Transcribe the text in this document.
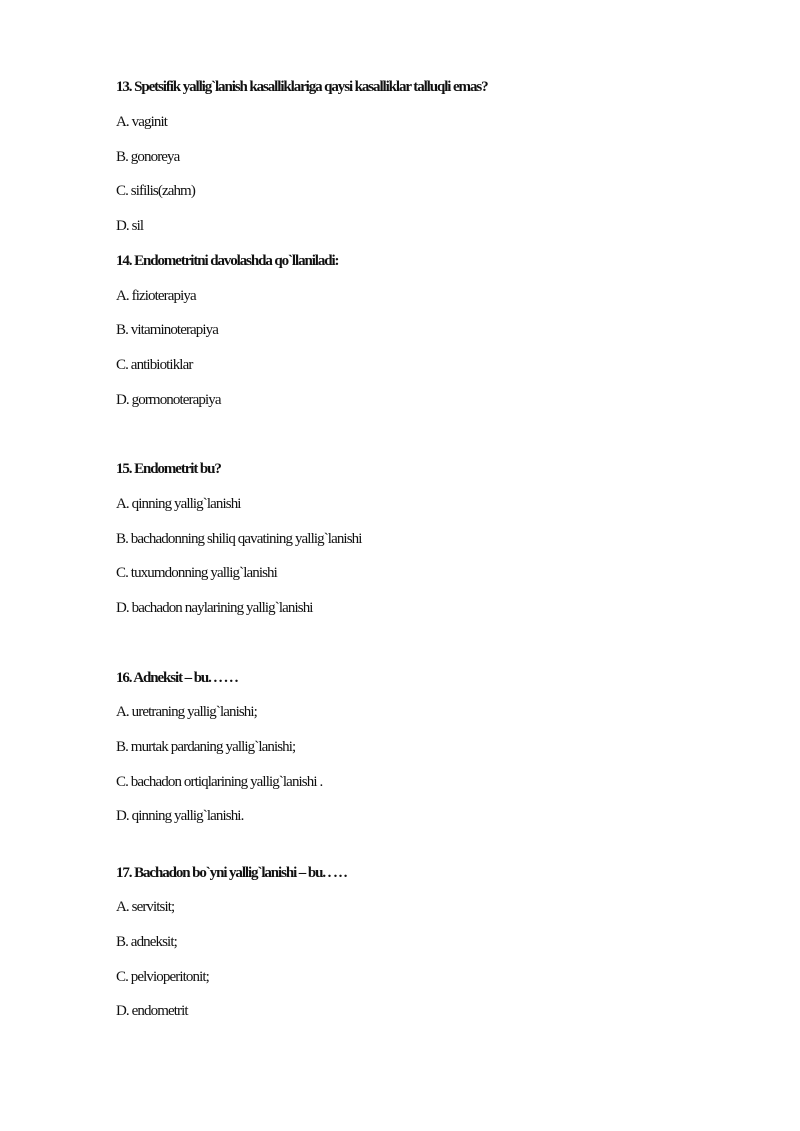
13. Spetsifik yallig`lanish kasalliklariga qaysi kasalliklar talluqli emas?
A. vaginit
B. gonoreya
C. sifilis(zahm)
D. sil
14. Endometritni davolashda qo`llaniladi:
A. fizioterapiya
B. vitaminoterapiya
C. antibiotiklar
D. gormonoterapiya
15. Endometrit bu?
A. qinning yallig`lanishi
B. bachadonning shiliq qavatining yallig`lanishi
C. tuxumdonning yallig`lanishi
D. bachadon naylarining yallig`lanishi
16. Adneksit – bu. . . . . .
A. uretraning yallig`lanishi;
B. murtak pardaning yallig`lanishi;
C. bachadon ortiqlarining yallig`lanishi .
D. qinning yallig`lanishi.
17. Bachadon bo`yni yallig`lanishi – bu. . …
A. servitsit;
B. adneksit;
C. pelvioperitonit;
D. endometrit
